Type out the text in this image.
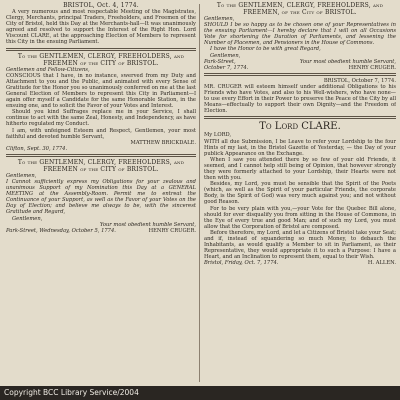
BRISTOL, Oct. 4, 1774.

A very numerous and most respectable Meeting of the Magistrates, Clergy, Merchants, principal Traders, Freeholders, and Freemen of the City of Bristol, held this Day at the Merchants-hall—It was unanimously agreed and resolved to support the Interest of the Right Hon. Lord Viscount CLARE, at the approaching Election of Members to represent this City in the ensuing Parliament.

To the GENTLEMEN, CLERGY, FREEHOLDERS, and FREEMEN of the CITY of BRISTOL.

Gentlemen and Fellow-Citizens,

CONSCIOUS that I have, in no instance, swerved from my Duty and Attachment to you and the Public, and animated with every Sense of Gratitude for the Honor you so unanimously conferred on me at the last General Election of Members to represent this City in Parliament—I again offer myself a Candidate for the same Honorable Station, in the ensuing one, and to solicit the Favor of your Votes and Interest.

Should you kind Suffrages replace me in your Service, I shall continue to act with the same Zeal, Honesty, and Independency, as have hitherto regulated my Conduct.

I am, with unfeigned Esteem and Respect, Gentlemen, your most faithful and devoted humble Servant,

MATTHEW BRICKDALE.

Clifton, Sept. 30, 1774.

To the GENTLEMEN, CLERGY, FREEHOLDERS, and FREEMEN of the CITY of BRISTOL.

Gentlemen,

I Cannot sufficiently express my Obligations for your zealous and unanimous Support of my Nomination this Day at a GENERAL MEETING at the Assembly-Room. Permit me to entreat the Continuance of your Support, as well as the Favor of your Votes on the Day of Election; and believe me always to be, with the sincerest Gratitude and Regard,

Gentlemen,

Your most obedient humble Servant,

Park-Street, Wednesday, October 5, 1774.	HENRY CRUGER.
To the GENTLEMEN, CLERGY, FREEHOLDERS, and FREEMEN, of the City of BRISTOL.

Gentlemen,

SHOULD I be so happy as to be chosen one of your Representatives in the ensuing Parliament—I hereby declare that I will on all Occasions Vote for shortening the Duration of Parliaments, and lessening the Number of Placemen, and Pensioners in the House of Commons.

I have the Honor to be with great Regard,

Gentlemen,

Park-Street,	Your most obedient humble Servant,
October 7, 1774.	HENRY CRUGER.

BRISTOL, October 7, 1774.

MR. CRUGER will esteem himself under additional Obligations to his Friends who have Votes, and also to his Well-wishers, who have none—to use every Effort in their Power to preserve the Peace of the City by all Means—effectually to support their own Dignity—and the Freedom of Election.

To Lord CLARE.

My LORD,

WITH all due Submission, I be Leave to refer your Lordship to the four Hints of my last, in the Bristol Gazette of Yesterday, — the Day of your publick Appearance on the Exchange.

When I saw you attended there by so few of your old Friends, it seemed, and I cannot help still being of Opinion, that however strongly they were formerly attached to your Lordship, their Hearts were not then with you.

Besides, my Lord, you must be sensible that the Spirit of the Poets (which, as well as the Spirit of your particular Friends, the corporate Body, is the Spirit of God) was very much against you; and not without good Reason.

For to be very plain with you,—your Vote for the Quebec Bill alone, should for ever disqualify you from sitting in the House of Commons, in the Eye of every true and good Man; and of such my Lord, you must allow that the Corporation of Bristol are composed.

Before therefore, my Lord, and let a Citizens of Bristol take your Seat; and if, instead of squandering so much Money, to debauch the Inhabitants, as would qualify a Member to sit in Parliament, as their Representative, they would appropriate it to such a Purpose: I have a Heart, and an Inclination to represent them, equal to their Wish.

Bristol, Friday, Oct. 7, 1774.	H. ALLEN.
Copyright BCC Library Service/2004
